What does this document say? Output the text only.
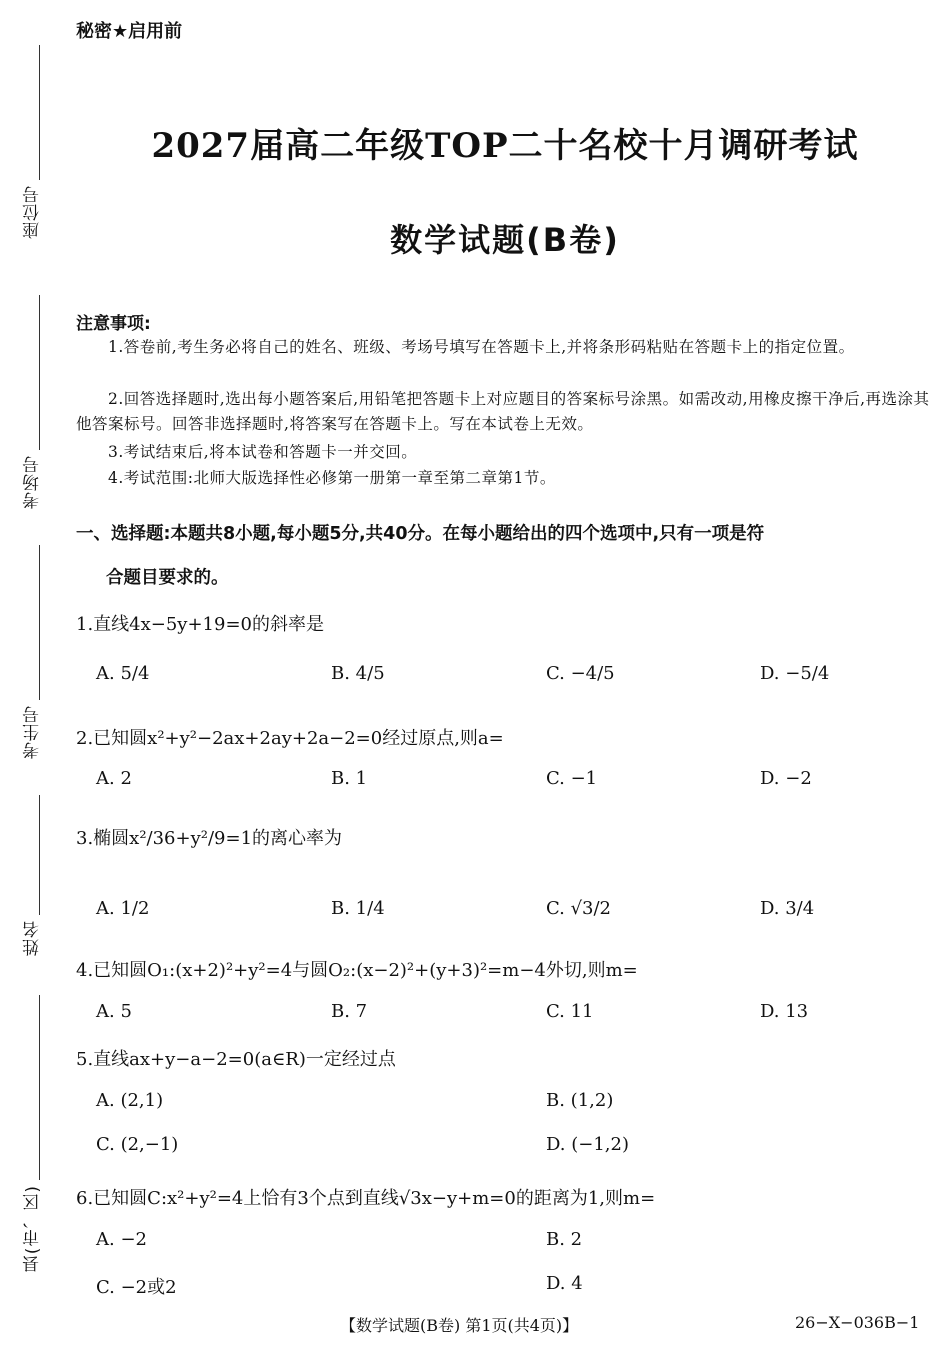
秘密★启用前
座位号
考场号
考生号
姓名
县(市、区)
2027届高二年级TOP二十名校十月调研考试
数学试题(B卷)
注意事项:
1.答卷前,考生务必将自己的姓名、班级、考场号填写在答题卡上,并将条形码粘贴在答题卡上的指定位置。
2.回答选择题时,选出每小题答案后,用铅笔把答题卡上对应题目的答案标号涂黑。如需改动,用橡皮擦干净后,再选涂其他答案标号。回答非选择题时,将答案写在答题卡上。写在本试卷上无效。
3.考试结束后,将本试卷和答题卡一并交回。
4.考试范围:北师大版选择性必修第一册第一章至第二章第1节。
一、选择题:本题共8小题,每小题5分,共40分。在每小题给出的四个选项中,只有一项是符
合题目要求的。
1.直线4x−5y+19=0的斜率是
A. 5/4	B. 4/5	C. −4/5	D. −5/4
2.已知圆x²+y²−2ax+2ay+2a−2=0经过原点,则a=
A. 2	B. 1	C. −1	D. −2
3.椭圆x²/36+y²/9=1的离心率为
A. 1/2	B. 1/4	C. √3/2	D. 3/4
4.已知圆O₁:(x+2)²+y²=4与圆O₂:(x−2)²+(y+3)²=m−4外切,则m=
A. 5	B. 7	C. 11	D. 13
5.直线ax+y−a−2=0(a∈R)一定经过点
A. (2,1)	B. (1,2)
C. (2,−1)	D. (−1,2)
6.已知圆C:x²+y²=4上恰有3个点到直线√3x−y+m=0的距离为1,则m=
A. −2	B. 2
C. −2或2	D. 4
【数学试题(B卷) 第1页(共4页)】	26−X−036B−1
